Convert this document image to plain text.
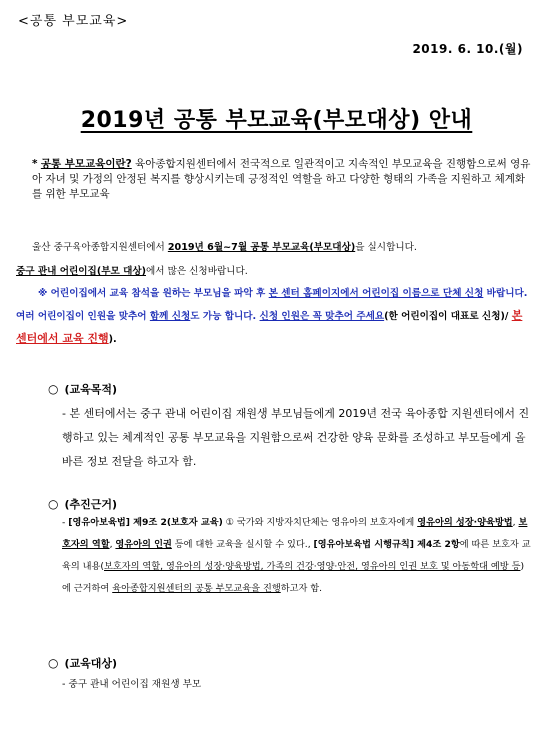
<공통 부모교육>
2019. 6. 10.(월)
2019년 공통 부모교육(부모대상) 안내
* 공통 부모교육이란? 육아종합지원센터에서 전국적으로 일관적이고 지속적인 부모교육을 진행함으로써 영유아 자녀 및 가정의 안정된 복지를 향상시키는데 긍정적인 역할을 하고 다양한 형태의 가족을 지원하고 체계화를 위한 부모교육
울산 중구육아종합지원센터에서 2019년 6월~7월 공통 부모교육(부모대상)을 실시합니다.
중구 관내 어린이집(부모 대상)에서 많은 신청바랍니다.
※ 어린이집에서 교육 참석을 원하는 부모님을 파악 후 본 센터 홈페이지에서 어린이집 이름으로 단체 신청 바랍니다. 여러 어린이집이 인원을 맞추어 함께 신청도 가능 합니다. 신청 인원은 꼭 맞추어 주세요(한 어린이집이 대표로 신청)/ 본 센터에서 교육 진행).
○ (교육목적)
- 본 센터에서는 중구 관내 어린이집 재원생 부모님들에게 2019년 전국 육아종합 지원센터에서 진행하고 있는 체계적인 공통 부모교육을 지원함으로써 건강한 양육 문화를 조성하고 부모들에게 올바른 정보 전달을 하고자 함.
○ (추진근거)
- [영유아보육법] 제9조 2(보호자 교육) ① 국가와 지방자치단체는 영유아의 보호자에게 영유아의 성장·양육방법, 보호자의 역할, 영유아의 인권 등에 대한 교육을 실시할 수 있다., [영유아보육법 시행규칙] 제4조 2항에 따른 보호자 교육의 내용(보호자의 역할, 영유아의 성장·양육방법, 가족의 건강·영양·안전, 영유아의 인권 보호 및 아동학대 예방 등)에 근거하여 육아종합지원센터의 공통 부모교육을 진행하고자 함.
○ (교육대상)
- 중구 관내 어린이집 재원생 부모
